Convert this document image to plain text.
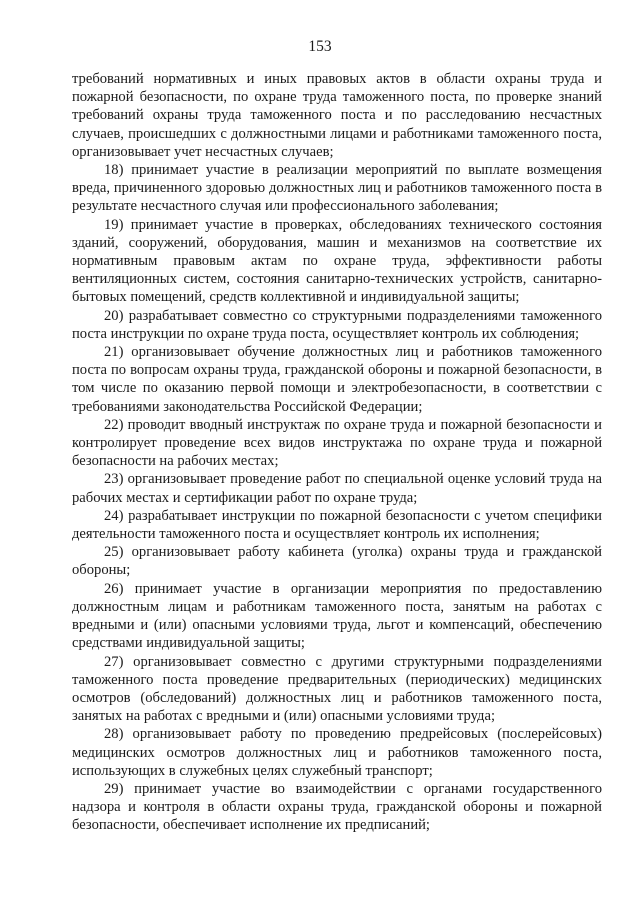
153

требований нормативных и иных правовых актов в области охраны труда и пожарной безопасности, по охране труда таможенного поста, по проверке знаний требований охраны труда таможенного поста и по расследованию несчастных случаев, происшедших с должностными лицами и работниками таможенного поста, организовывает учет несчастных случаев;

18) принимает участие в реализации мероприятий по выплате возмещения вреда, причиненного здоровью должностных лиц и работников таможенного поста в результате несчастного случая или профессионального заболевания;

19) принимает участие в проверках, обследованиях технического состояния зданий, сооружений, оборудования, машин и механизмов на соответствие их нормативным правовым актам по охране труда, эффективности работы вентиляционных систем, состояния санитарно-технических устройств, санитарно-бытовых помещений, средств коллективной и индивидуальной защиты;

20) разрабатывает совместно со структурными подразделениями таможенного поста инструкции по охране труда поста, осуществляет контроль их соблюдения;

21) организовывает обучение должностных лиц и работников таможенного поста по вопросам охраны труда, гражданской обороны и пожарной безопасности, в том числе по оказанию первой помощи и электробезопасности, в соответствии с требованиями законодательства Российской Федерации;

22) проводит вводный инструктаж по охране труда и пожарной безопасности и контролирует проведение всех видов инструктажа по охране труда и пожарной безопасности на рабочих местах;

23) организовывает проведение работ по специальной оценке условий труда на рабочих местах и сертификации работ по охране труда;

24) разрабатывает инструкции по пожарной безопасности с учетом специфики деятельности таможенного поста и осуществляет контроль их исполнения;

25) организовывает работу кабинета (уголка) охраны труда и гражданской обороны;

26) принимает участие в организации мероприятия по предоставлению должностным лицам и работникам таможенного поста, занятым на работах с вредными и (или) опасными условиями труда, льгот и компенсаций, обеспечению средствами индивидуальной защиты;

27) организовывает совместно с другими структурными подразделениями таможенного поста проведение предварительных (периодических) медицинских осмотров (обследований) должностных лиц и работников таможенного поста, занятых на работах с вредными и (или) опасными условиями труда;

28) организовывает работу по проведению предрейсовых (послерейсовых) медицинских осмотров должностных лиц и работников таможенного поста, использующих в служебных целях служебный транспорт;

29) принимает участие во взаимодействии с органами государственного надзора и контроля в области охраны труда, гражданской обороны и пожарной безопасности, обеспечивает исполнение их предписаний;
